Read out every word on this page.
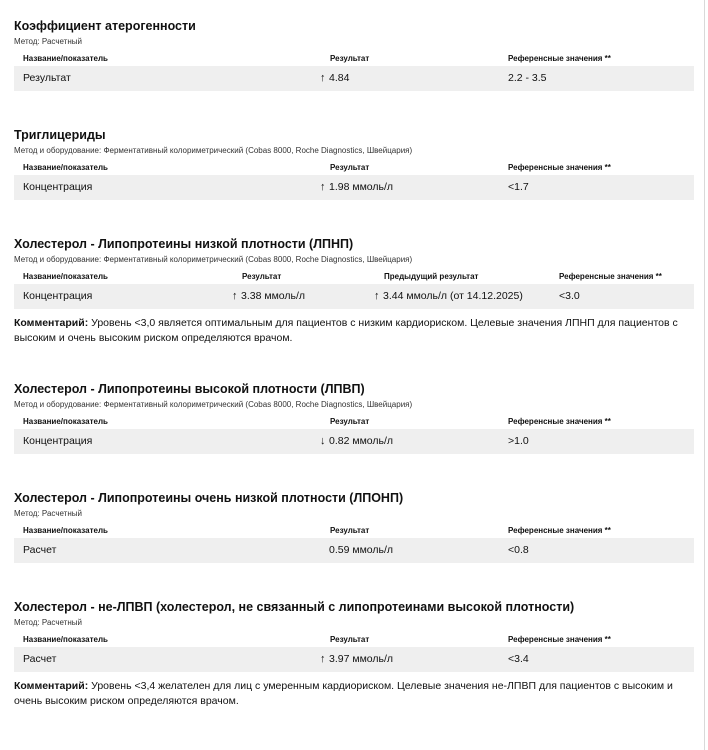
Коэффициент атерогенности
Метод: Расчетный
Название/показатель	Результат	Референсные значения **
Результат	↑ 4.84	2.2 - 3.5
Триглицериды
Метод и оборудование: Ферментативный колориметрический (Cobas 8000, Roche Diagnostics, Швейцария)
Название/показатель	Результат	Референсные значения **
Концентрация	↑ 1.98 ммоль/л	<1.7
Холестерол - Липопротеины низкой плотности (ЛПНП)
Метод и оборудование: Ферментативный колориметрический (Cobas 8000, Roche Diagnostics, Швейцария)
Название/показатель	Результат	Предыдущий результат	Референсные значения **
Концентрация	↑ 3.38 ммоль/л	↑ 3.44 ммоль/л (от 14.12.2025)	<3.0
Комментарий: Уровень <3,0 является оптимальным для пациентов с низким кардиориском. Целевые значения ЛПНП для пациентов с высоким и очень высоким риском определяются врачом.
Холестерол - Липопротеины высокой плотности (ЛПВП)
Метод и оборудование: Ферментативный колориметрический (Cobas 8000, Roche Diagnostics, Швейцария)
Название/показатель	Результат	Референсные значения **
Концентрация	↓ 0.82 ммоль/л	>1.0
Холестерол - Липопротеины очень низкой плотности (ЛПОНП)
Метод: Расчетный
Название/показатель	Результат	Референсные значения **
Расчет	0.59 ммоль/л	<0.8
Холестерол - не-ЛПВП (холестерол, не связанный с липопротеинами высокой плотности)
Метод: Расчетный
Название/показатель	Результат	Референсные значения **
Расчет	↑ 3.97 ммоль/л	<3.4
Комментарий: Уровень <3,4 желателен для лиц с умеренным кардиориском. Целевые значения не-ЛПВП для пациентов с высоким и очень высоким риском определяются врачом.
